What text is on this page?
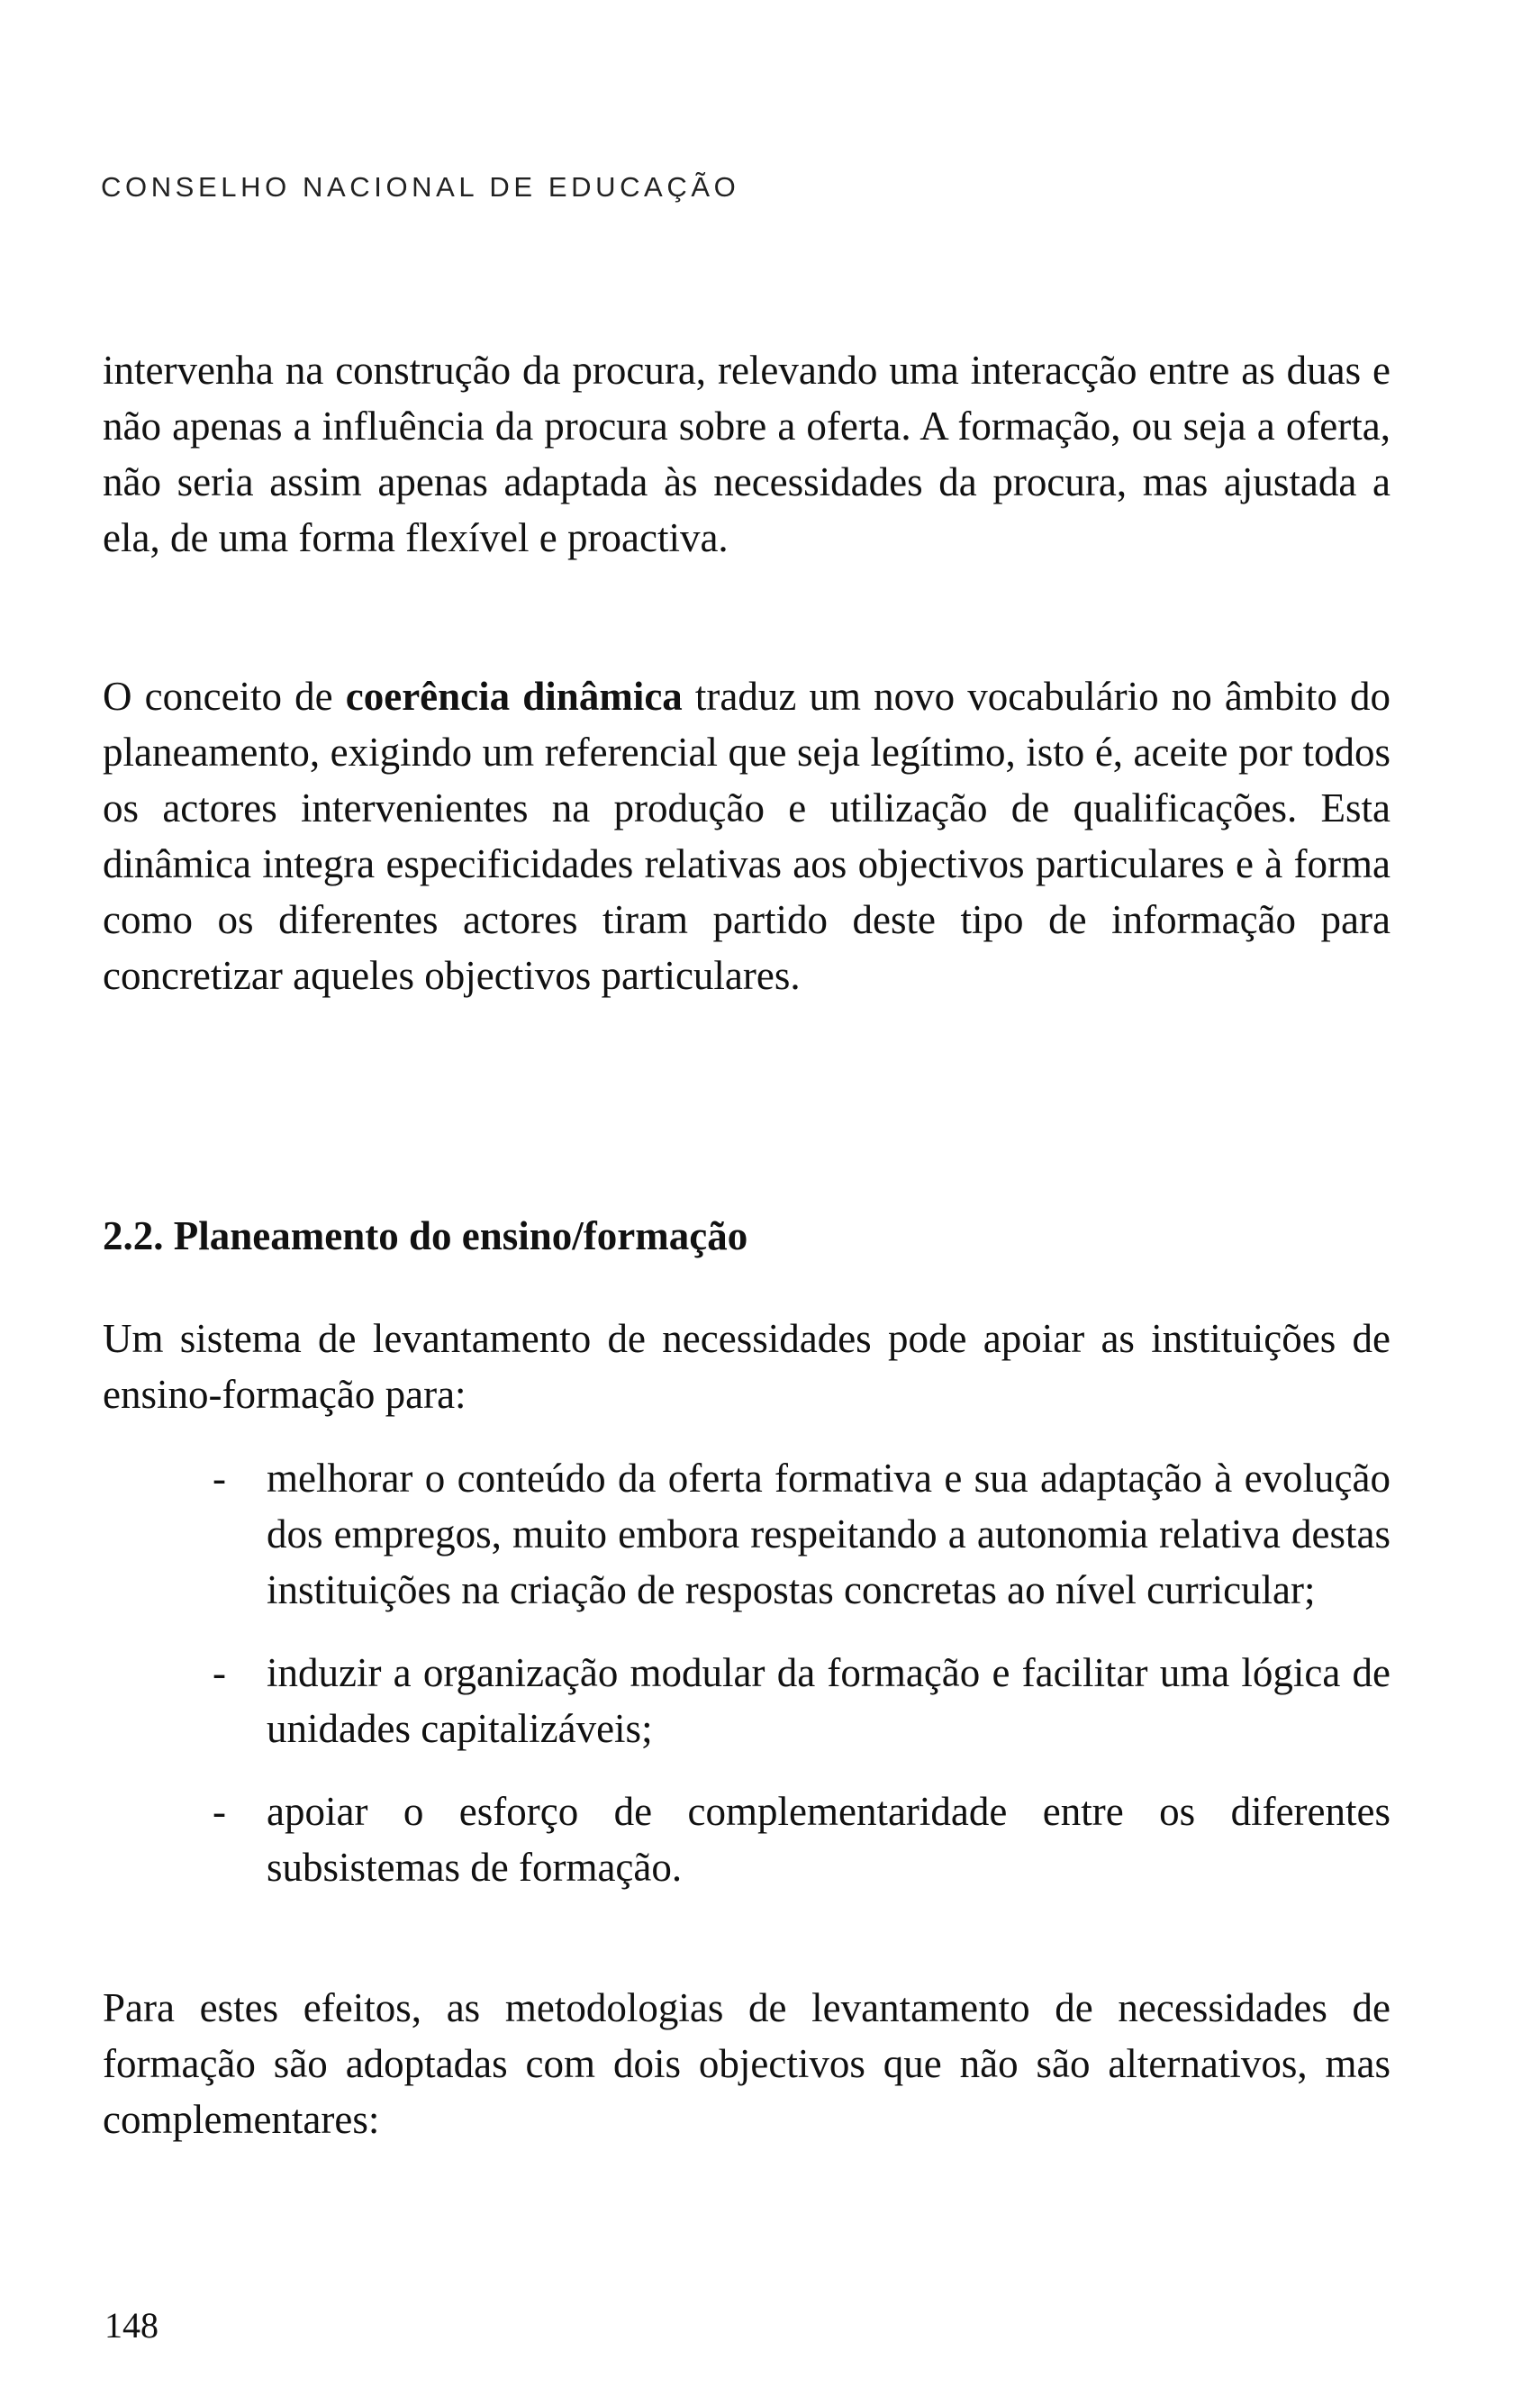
CONSELHO NACIONAL DE EDUCAÇÃO

intervenha na construção da procura, relevando uma interacção entre as duas e não apenas a influência da procura sobre a oferta. A formação, ou seja a oferta, não seria assim apenas adaptada às necessidades da procura, mas ajustada a ela, de uma forma flexível e proactiva.

O conceito de coerência dinâmica traduz um novo vocabulário no âmbito do planeamento, exigindo um referencial que seja legítimo, isto é, aceite por todos os actores intervenientes na produção e utilização de qualificações. Esta dinâmica integra especificidades relativas aos objectivos particulares e à forma como os diferentes actores tiram partido deste tipo de informação para concretizar aqueles objectivos particulares.

2.2. Planeamento do ensino/formação

Um sistema de levantamento de necessidades pode apoiar as instituições de ensino-formação para:

- melhorar o conteúdo da oferta formativa e sua adaptação à evolução dos empregos, muito embora respeitando a autonomia relativa destas instituições na criação de respostas concretas ao nível curricular;
- induzir a organização modular da formação e facilitar uma lógica de unidades capitalizáveis;
- apoiar o esforço de complementaridade entre os diferentes subsistemas de formação.

Para estes efeitos, as metodologias de levantamento de necessidades de formação são adoptadas com dois objectivos que não são alternativos, mas complementares:

148
